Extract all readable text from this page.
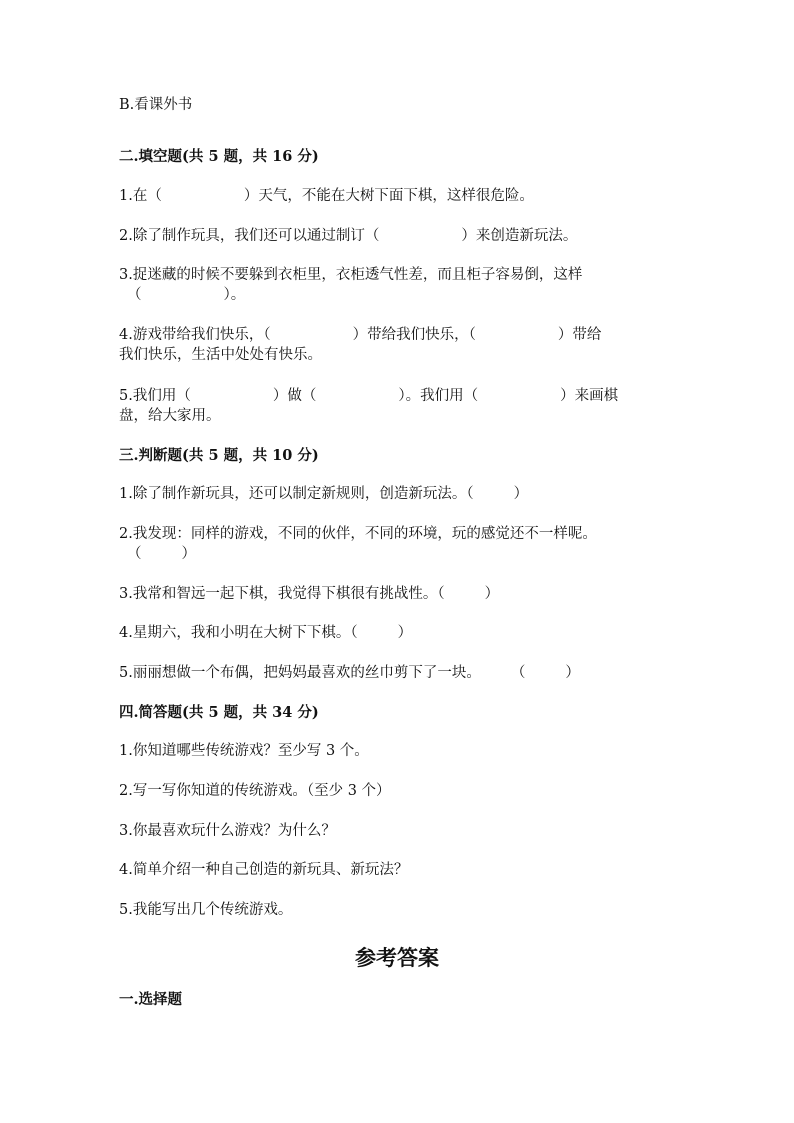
B.看课外书
二.填空题(共 5 题，共 16 分)
1.在（	）天气，不能在大树下面下棋，这样很危险。
2.除了制作玩具，我们还可以通过制订（	）来创造新玩法。
3.捉迷藏的时候不要躲到衣柜里，衣柜透气性差，而且柜子容易倒，这样
（	）。
4.游戏带给我们快乐，（	）带给我们快乐，（	）带给
我们快乐，生活中处处有快乐。
5.我们用（	）做（	）。我们用（	）来画棋
盘，给大家用。
三.判断题(共 5 题，共 10 分)
1.除了制作新玩具，还可以制定新规则，创造新玩法。（	）
2.我发现：同样的游戏，不同的伙伴，不同的环境，玩的感觉还不一样呢。
（	）
3.我常和智远一起下棋，我觉得下棋很有挑战性。（	）
4.星期六，我和小明在大树下下棋。（	）
5.丽丽想做一个布偶，把妈妈最喜欢的丝巾剪下了一块。 （	）
四.简答题(共 5 题，共 34 分)
1.你知道哪些传统游戏？至少写 3 个。
2.写一写你知道的传统游戏。（至少 3 个）
3.你最喜欢玩什么游戏？为什么？
4.简单介绍一种自己创造的新玩具、新玩法？
5.我能写出几个传统游戏。
参考答案
一.选择题
